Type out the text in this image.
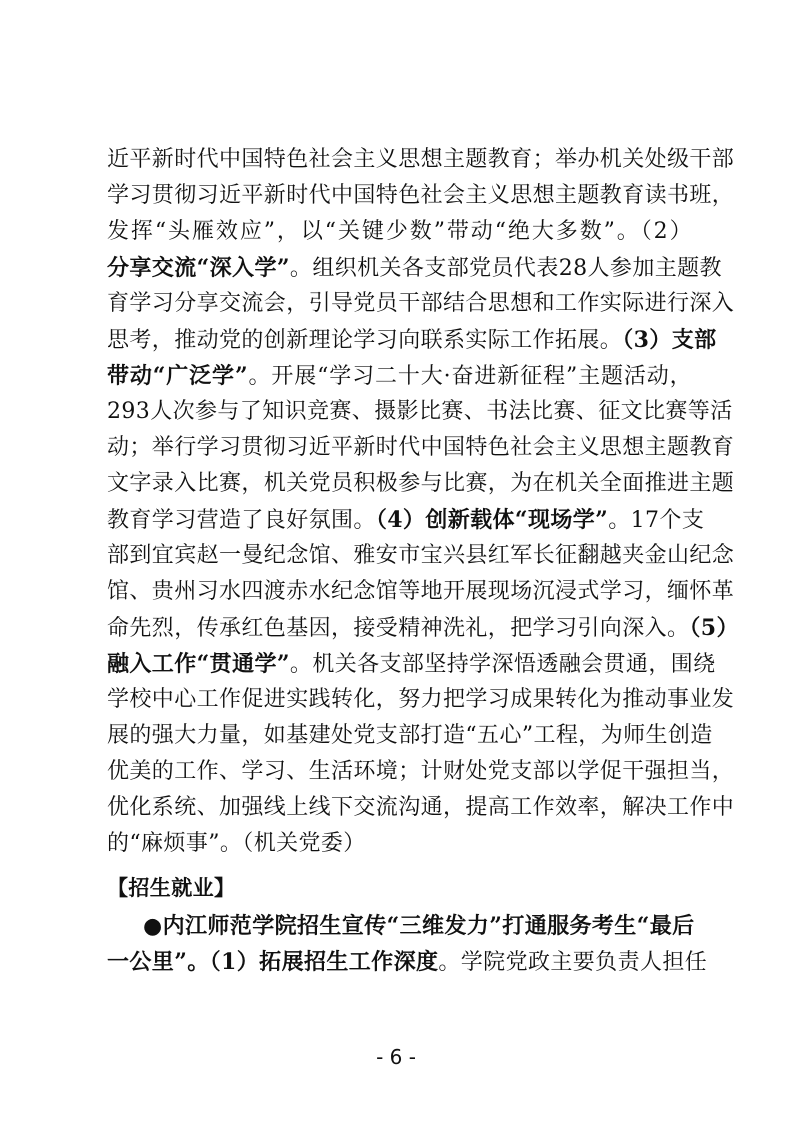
近平新时代中国特色社会主义思想主题教育；举办机关处级干部
学习贯彻习近平新时代中国特色社会主义思想主题教育读书班，
发挥“头雁效应”，以“关键少数”带动“绝大多数”。（2）
分享交流“深入学”。组织机关各支部党员代表28人参加主题教
育学习分享交流会，引导党员干部结合思想和工作实际进行深入
思考，推动党的创新理论学习向联系实际工作拓展。（3）支部
带动“广泛学”。开展“学习二十大·奋进新征程”主题活动，
293人次参与了知识竞赛、摄影比赛、书法比赛、征文比赛等活
动；举行学习贯彻习近平新时代中国特色社会主义思想主题教育
文字录入比赛，机关党员积极参与比赛，为在机关全面推进主题
教育学习营造了良好氛围。（4）创新载体“现场学”。17个支
部到宜宾赵一曼纪念馆、雅安市宝兴县红军长征翻越夹金山纪念
馆、贵州习水四渡赤水纪念馆等地开展现场沉浸式学习，缅怀革
命先烈，传承红色基因，接受精神洗礼，把学习引向深入。（5）
融入工作“贯通学”。机关各支部坚持学深悟透融会贯通，围绕
学校中心工作促进实践转化，努力把学习成果转化为推动事业发
展的强大力量，如基建处党支部打造“五心”工程，为师生创造
优美的工作、学习、生活环境；计财处党支部以学促干强担当，
优化系统、加强线上线下交流沟通，提高工作效率，解决工作中
的“麻烦事”。（机关党委）
【招生就业】
●内江师范学院招生宣传“三维发力”打通服务考生“最后
一公里”。（1）拓展招生工作深度。学院党政主要负责人担任
- 6 -
